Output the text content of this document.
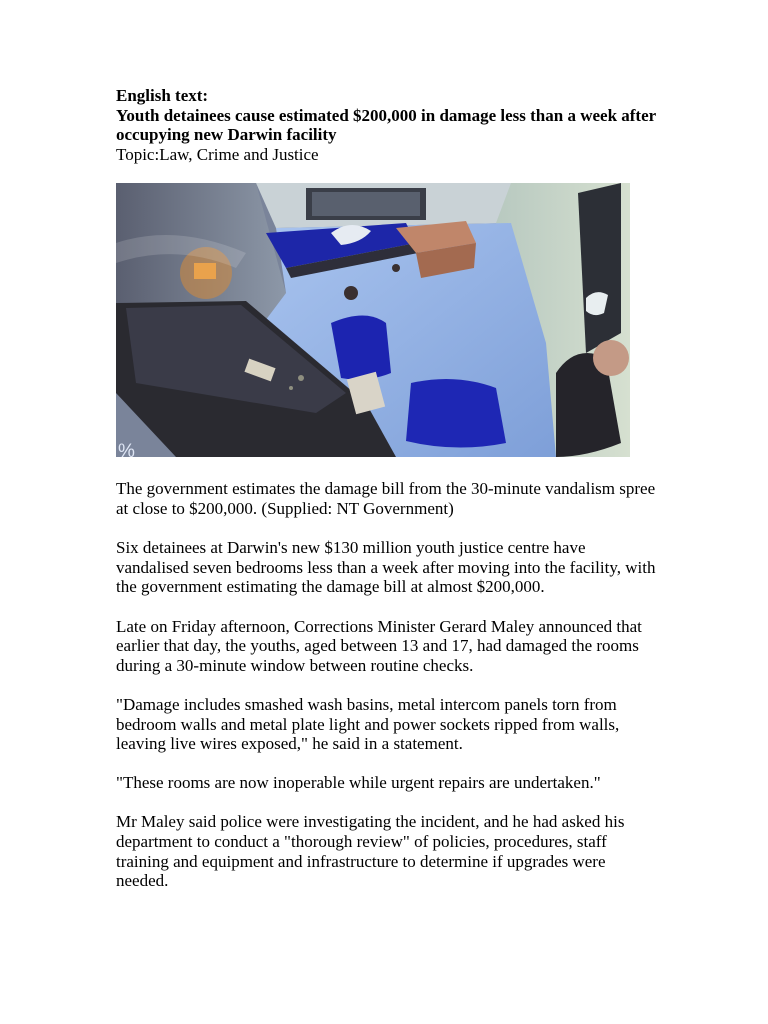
English text:

Youth detainees cause estimated $200,000 in damage less than a week after occupying new Darwin facility

Topic:Law, Crime and Justice

%

The government estimates the damage bill from the 30-minute vandalism spree at close to $200,000. (Supplied: NT Government)

Six detainees at Darwin's new $130 million youth justice centre have vandalised seven bedrooms less than a week after moving into the facility, with the government estimating the damage bill at almost $200,000.

Late on Friday afternoon, Corrections Minister Gerard Maley announced that earlier that day, the youths, aged between 13 and 17, had damaged the rooms during a 30-minute window between routine checks.

"Damage includes smashed wash basins, metal intercom panels torn from bedroom walls and metal plate light and power sockets ripped from walls, leaving live wires exposed," he said in a statement.

"These rooms are now inoperable while urgent repairs are undertaken."

Mr Maley said police were investigating the incident, and he had asked his department to conduct a "thorough review" of policies, procedures, staff training and equipment and infrastructure to determine if upgrades were needed.
